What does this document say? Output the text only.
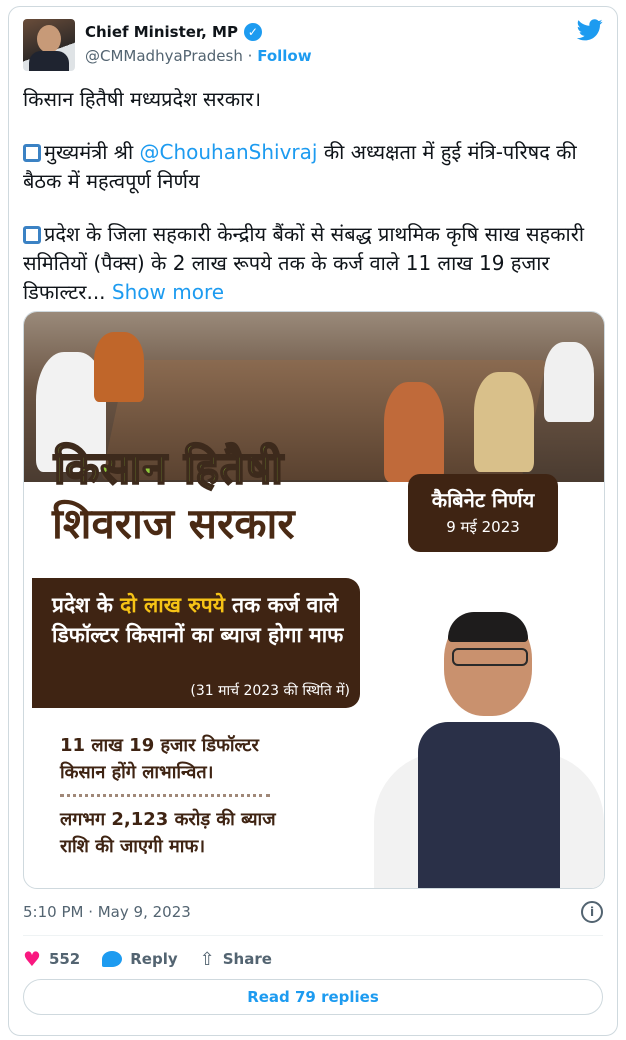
Chief Minister, MP ✓
@CMMadhyaPradesh · Follow

किसान हितैषी मध्यप्रदेश सरकार।

मुख्यमंत्री श्री @ChouhanShivraj की अध्यक्षता में हुई मंत्रि-परिषद की बैठक में महत्वपूर्ण निर्णय

प्रदेश के जिला सहकारी केन्द्रीय बैंकों से संबद्ध प्राथमिक कृषि साख सहकारी समितियों (पैक्स) के 2 लाख रूपये तक के कर्ज वाले 11 लाख 19 हजार डिफाल्टर... Show more

किसान हितैषी
शिवराज सरकार	कैबिनेट निर्णय
9 मई 2023
प्रदेश के दो लाख रुपये तक कर्ज वाले डिफॉल्टर किसानों का ब्याज होगा माफ
(31 मार्च 2023 की स्थिति में)
11 लाख 19 हजार डिफॉल्टर किसान होंगे लाभान्वित।
लगभग 2,123 करोड़ की ब्याज राशि की जाएगी माफ।
5:10 PM · May 9, 2023	i
♥ 552	Reply ⇧ Share
Read 79 replies
